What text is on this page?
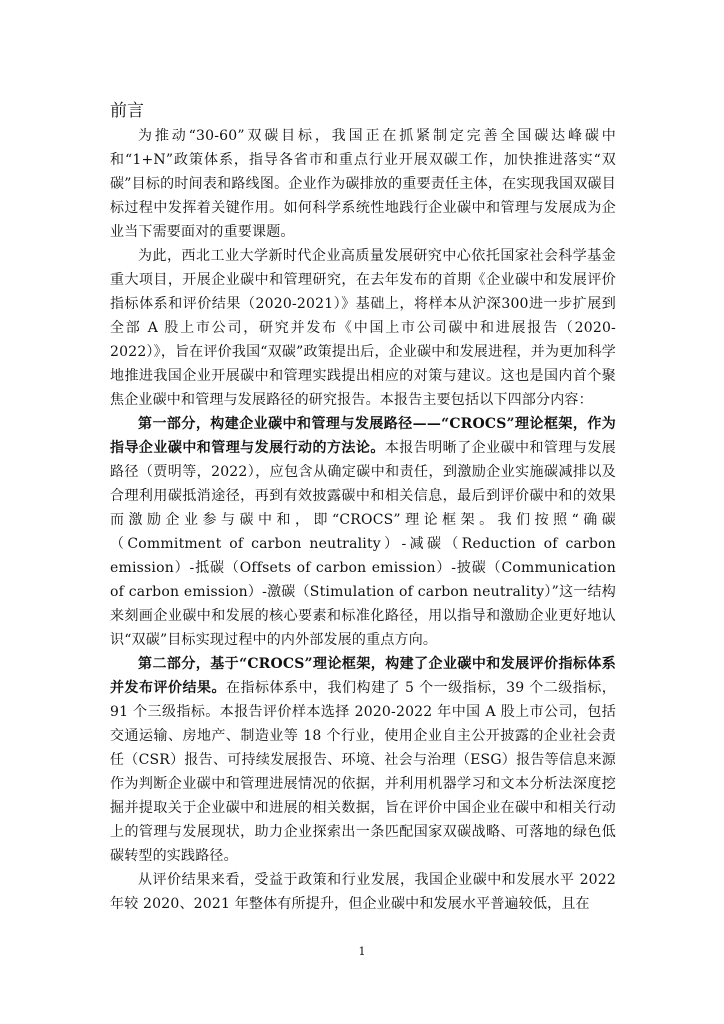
前言

为推动“30-60”双碳目标，我国正在抓紧制定完善全国碳达峰碳中和“1+N”政策体系，指导各省市和重点行业开展双碳工作，加快推进落实“双碳”目标的时间表和路线图。企业作为碳排放的重要责任主体，在实现我国双碳目标过程中发挥着关键作用。如何科学系统性地践行企业碳中和管理与发展成为企业当下需要面对的重要课题。

为此，西北工业大学新时代企业高质量发展研究中心依托国家社会科学基金重大项目，开展企业碳中和管理研究，在去年发布的首期《企业碳中和发展评价指标体系和评价结果（2020-2021）》基础上，将样本从沪深300进一步扩展到全部 A 股上市公司，研究并发布《中国上市公司碳中和进展报告（2020-2022）》，旨在评价我国“双碳”政策提出后，企业碳中和发展进程，并为更加科学地推进我国企业开展碳中和管理实践提出相应的对策与建议。这也是国内首个聚焦企业碳中和管理与发展路径的研究报告。本报告主要包括以下四部分内容：

第一部分，构建企业碳中和管理与发展路径——“CROCS”理论框架，作为指导企业碳中和管理与发展行动的方法论。本报告明晰了企业碳中和管理与发展路径（贾明等，2022），应包含从确定碳中和责任，到激励企业实施碳减排以及合理利用碳抵消途径，再到有效披露碳中和相关信息，最后到评价碳中和的效果而激励企业参与碳中和，即“CROCS”理论框架。我们按照“确碳（Commitment of carbon neutrality）-减碳（Reduction of carbon emission）-抵碳（Offsets of carbon emission）-披碳（Communication of carbon emission）-激碳（Stimulation of carbon neutrality）”这一结构来刻画企业碳中和发展的核心要素和标准化路径，用以指导和激励企业更好地认识“双碳”目标实现过程中的内外部发展的重点方向。

第二部分，基于“CROCS”理论框架，构建了企业碳中和发展评价指标体系并发布评价结果。在指标体系中，我们构建了 5 个一级指标，39 个二级指标，91 个三级指标。本报告评价样本选择 2020-2022 年中国 A 股上市公司，包括交通运输、房地产、制造业等 18 个行业，使用企业自主公开披露的企业社会责任（CSR）报告、可持续发展报告、环境、社会与治理（ESG）报告等信息来源作为判断企业碳中和管理进展情况的依据，并利用机器学习和文本分析法深度挖掘并提取关于企业碳中和进展的相关数据，旨在评价中国企业在碳中和相关行动上的管理与发展现状，助力企业探索出一条匹配国家双碳战略、可落地的绿色低碳转型的实践路径。

从评价结果来看，受益于政策和行业发展，我国企业碳中和发展水平 2022 年较 2020、2021 年整体有所提升，但企业碳中和发展水平普遍较低，且在

1
